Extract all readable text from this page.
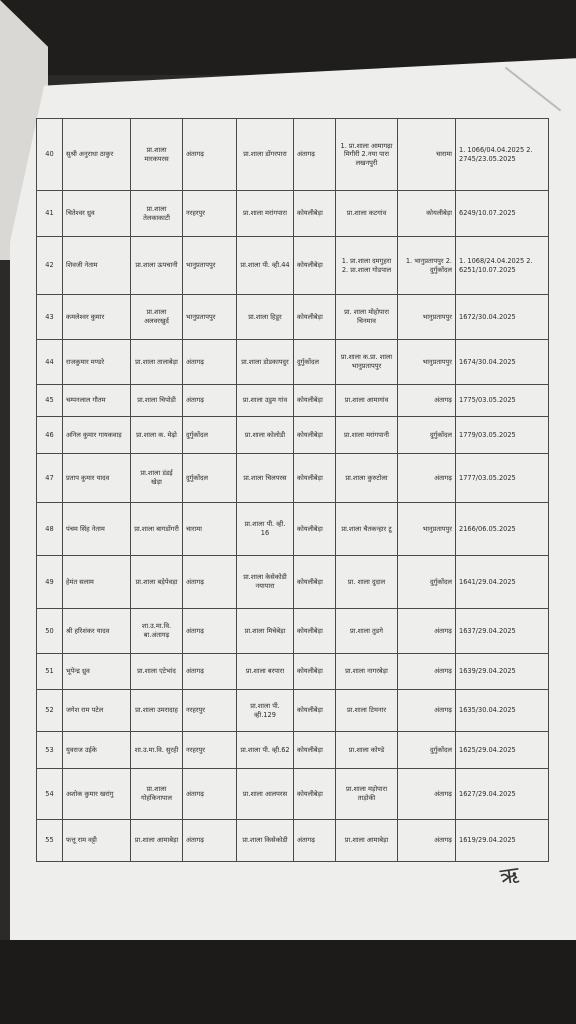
40	सुश्री अनुराधा ठाकुर	प्रा.शाला मारकपरस	अंतागढ़	प्रा.शाला डोंगरपारा	अंतागढ़	1. प्रा.शाला आमागढ़ा मिगीरी 2.नया पारा लखनपुरी	चारामा	1. 1066/04.04.2025 2. 2745/23.05.2025
41	चितेश्वर ध्रुव	प्रा.शाला तेलकाकाटी	नरहरपुर	प्रा.शाला मरांगपारा	कोयलीबेड़ा	प्रा.शाला कटगांव	कोयलीबेड़ा	6249/10.07.2025
42	शिवजी नेताम	प्रा.शाला ऊपचानी	भानुप्रतापपुर	प्रा.शाला पी. व्ही.44	कोयलीबेड़ा	1. प्रा.शाला दमगुहरा 2. प्रा.शाला गोडपाल	1. भानुप्रतापपुर 2. दुर्गुकोंदल	1. 1068/24.04.2025 2. 6251/10.07.2025
43	कमलेश्वर कुमार	प्रा.शाला अलवरखुर्द	भानुप्रतापपुर	प्रा.शाला हिडूर	कोयलीबेड़ा	प्रा. शाला मोहोपारा चिनमाव	भानुप्रतापपुर	1672/30.04.2025
44	राजकुमार मण्डरे	प्रा.शाला तालाबेड़ा	अंतागढ़	प्रा.शाला डोडकापदुर	दुर्गुकोंदल	प्रा.शाला क.प्रा. शाला भानुप्रतापपुर	भानुप्रतापपुर	1674/30.04.2025
45	चम्पनलाल गौतम	प्रा.शाला चिपोडी	अंतागढ़	प्रा.शाला उडुम गांव	कोयलीबेड़ा	प्रा.शाला आमागांव	अंतागढ़	1775/03.05.2025
46	अनिल कुमार गायकवाड़	प्रा.शाला क. मेढ़ो	दुर्गुकोंदल	प्रा.शाला कोलोडी	कोयलीबेड़ा	प्रा.शाला मरांगपानी	दुर्गुकोंदल	1779/03.05.2025
47	प्रताप कुमार यादव	प्रा.शाला डंडई खेड़ा	दुर्गुकोंदल	प्रा.शाला चिलपरस	कोयलीबेड़ा	प्रा.शाला कुरुटोला	अंतागढ़	1777/03.05.2025
48	पंचम सिंह नेताम	प्रा.शाला बागडोंगरी	चारामा	प्रा.शाला पी. व्ही. 16	कोयलीबेड़ा	प्रा.शाला चैतकन्हार टू	भानुप्रतापपुर	2166/06.05.2025
49	हेमंत सलाम	प्रा.शाला बड़ेपेवड़ा	अंतागढ़	प्रा.शाला केसेकोडी नयापारा	कोयलीबेड़ा	प्रा. शाला दुदाल	दुर्गुकोंदल	1641/29.04.2025
50	श्री हरिशंकर यादव	शा.उ.मा.वि. बा.अंतागढ़	अंतागढ़	प्रा.शाला मिचेबेड़ा	कोयलीबेड़ा	प्रा.शाला तुडगे	अंतागढ़	1637/29.04.2025
51	भूपेन्द्र ध्रुव	प्रा.शाला एटेभांद	अंतागढ़	प्रा.शाला बरपारा	कोयलीबेड़ा	प्रा.शाला नागरबेड़ा	अंतागढ़	1639/29.04.2025
52	जगेश राम पटेल	प्रा.शाला उमरादाह	नरहरपुर	प्रा.शाला पी. व्ही.129	कोयलीबेड़ा	प्रा.शाला टिमनार	अंतागढ़	1635/30.04.2025
53	युवराज उईके	शा.उ.मा.वि. सुरही	नरहरपुर	प्रा.शाला पी. व्ही.62	कोयलीबेड़ा	प्रा.शाला कोण्डे	दुर्गुकोंदल	1625/29.04.2025
54	अशोक कुमार खरांगु	प्रा.शाला गोहंकिनापाल	अंतागढ़	प्रा.शाला आलपरस	कोयलीबेड़ा	प्रा.शाला मड़ोपारा ताड़ोकी	अंतागढ़	1627/29.04.2025
55	फत्तू राम वट्टी	प्रा.शाला आमाबेड़ा	अंतागढ़	प्रा.शाला किसेकोडी	अंतागढ़	प्रा.शाला आमाबेड़ा	अंतागढ़	1619/29.04.2025
ऋ
